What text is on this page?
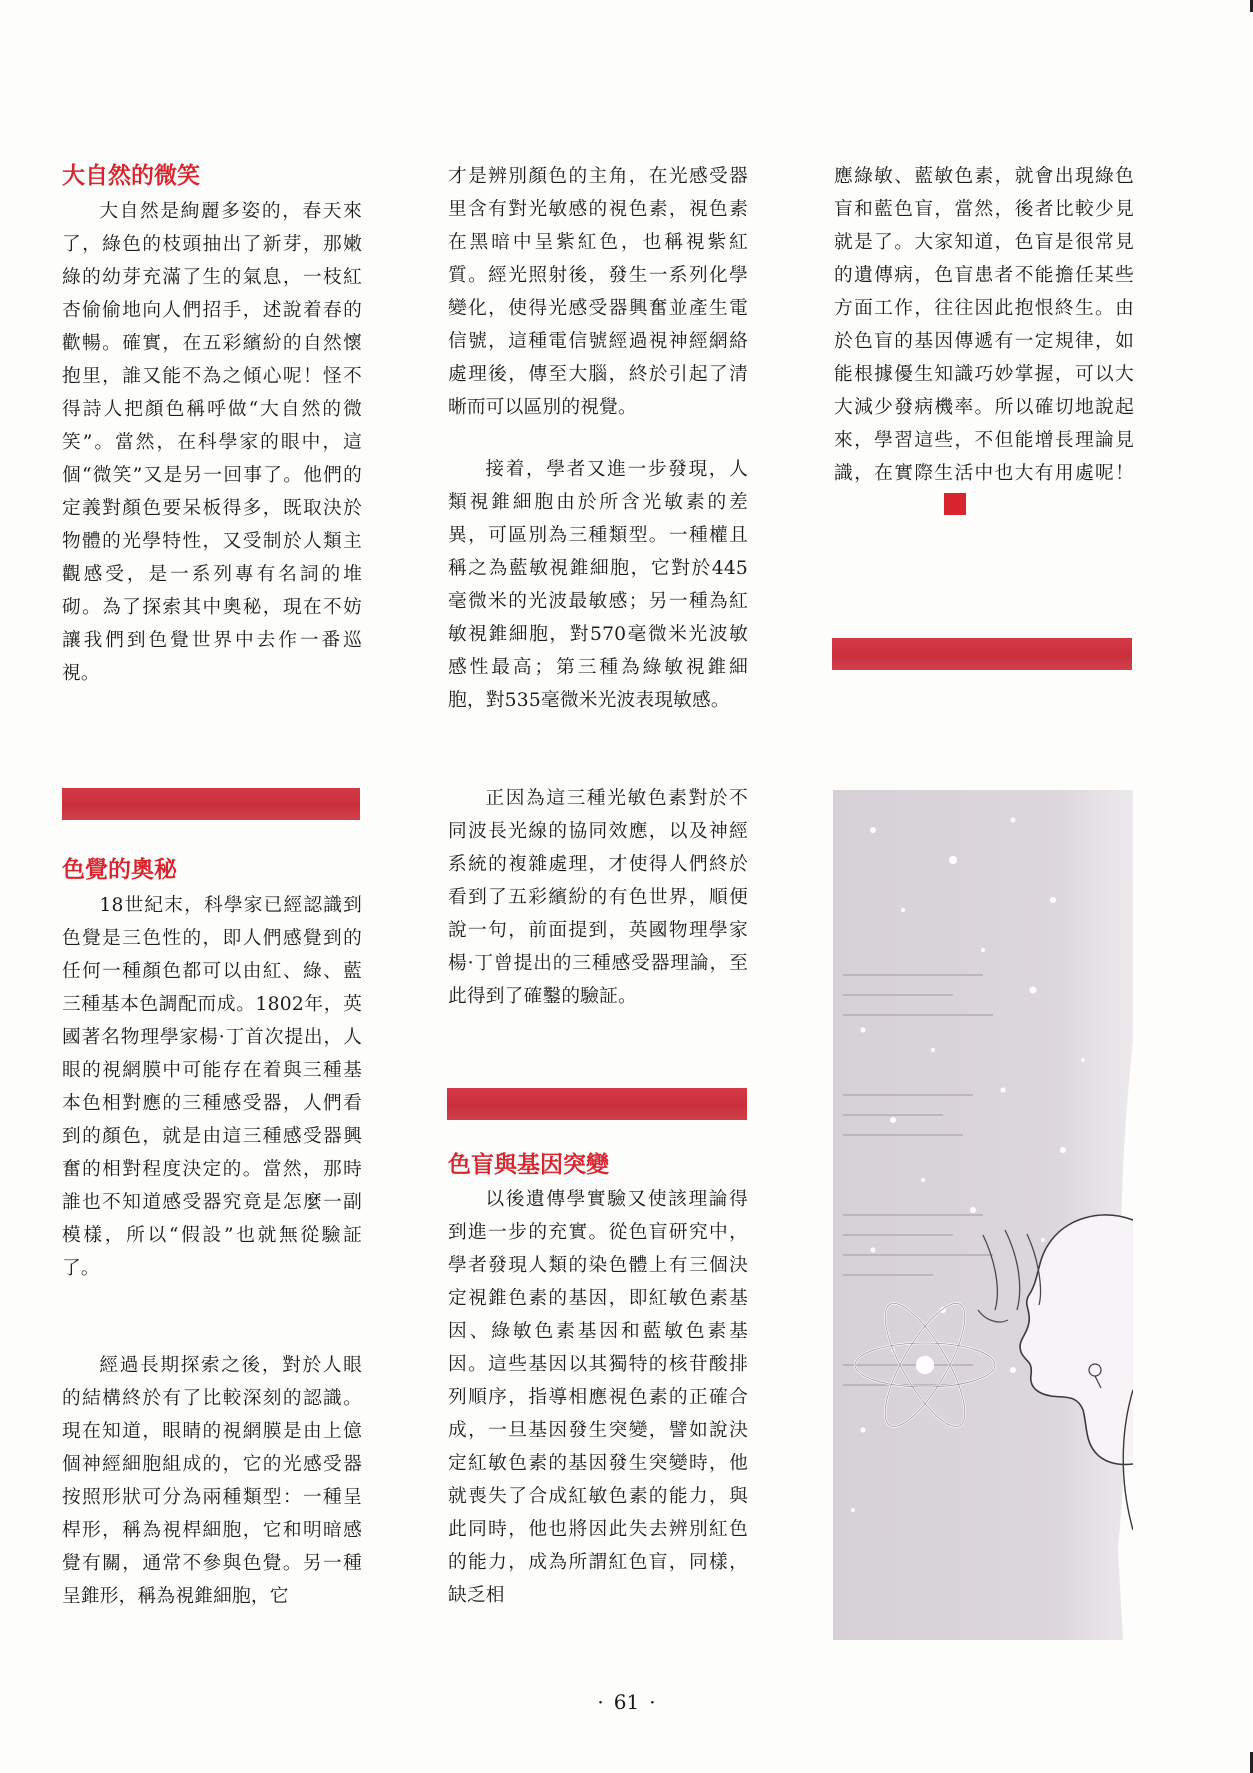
大自然的微笑

大自然是絢麗多姿的，春天來了，綠色的枝頭抽出了新芽，那嫩綠的幼芽充滿了生的氣息，一枝紅杏偷偷地向人們招手，述說着春的歡暢。確實，在五彩繽紛的自然懷抱里，誰又能不為之傾心呢！怪不得詩人把顏色稱呼做“大自然的微笑”。當然，在科學家的眼中，這個“微笑”又是另一回事了。他們的定義對顏色要呆板得多，既取決於物體的光學特性，又受制於人類主觀感受，是一系列專有名詞的堆砌。為了探索其中奧秘，現在不妨讓我們到色覺世界中去作一番巡視。

色覺的奧秘

18世紀末，科學家已經認識到色覺是三色性的，即人們感覺到的任何一種顏色都可以由紅、綠、藍三種基本色調配而成。1802年，英國著名物理學家楊·丁首次提出，人眼的視網膜中可能存在着與三種基本色相對應的三種感受器，人們看到的顏色，就是由這三種感受器興奮的相對程度決定的。當然，那時誰也不知道感受器究竟是怎麼一副模樣，所以“假設”也就無從驗証了。

經過長期探索之後，對於人眼的結構終於有了比較深刻的認識。現在知道，眼睛的視網膜是由上億個神經細胞組成的，它的光感受器按照形狀可分為兩種類型：一種呈桿形，稱為視桿細胞，它和明暗感覺有關，通常不參與色覺。另一種呈錐形，稱為視錐細胞，它

才是辨別顏色的主角，在光感受器里含有對光敏感的視色素，視色素在黑暗中呈紫紅色，也稱視紫紅質。經光照射後，發生一系列化學變化，使得光感受器興奮並產生電信號，這種電信號經過視神經網絡處理後，傳至大腦，終於引起了清晰而可以區別的視覺。

接着，學者又進一步發現，人類視錐細胞由於所含光敏素的差異，可區別為三種類型。一種權且稱之為藍敏視錐細胞，它對於445毫微米的光波最敏感；另一種為紅敏視錐細胞，對570毫微米光波敏感性最高；第三種為綠敏視錐細胞，對535毫微米光波表現敏感。

正因為這三種光敏色素對於不同波長光線的協同效應，以及神經系統的複雜處理，才使得人們終於看到了五彩繽紛的有色世界，順便說一句，前面提到，英國物理學家楊·丁曾提出的三種感受器理論，至此得到了確鑿的驗証。

色盲與基因突變

以後遺傳學實驗又使該理論得到進一步的充實。從色盲研究中，學者發現人類的染色體上有三個決定視錐色素的基因，即紅敏色素基因、綠敏色素基因和藍敏色素基因。這些基因以其獨特的核苷酸排列順序，指導相應視色素的正確合成，一旦基因發生突變，譬如說決定紅敏色素的基因發生突變時，他就喪失了合成紅敏色素的能力，與此同時，他也將因此失去辨別紅色的能力，成為所謂紅色盲，同樣，缺乏相

應綠敏、藍敏色素，就會出現綠色盲和藍色盲，當然，後者比較少見就是了。大家知道，色盲是很常見的遺傳病，色盲患者不能擔任某些方面工作，往往因此抱恨終生。由於色盲的基因傳遞有一定規律，如能根據優生知識巧妙掌握，可以大大減少發病機率。所以確切地說起來，學習這些，不但能增長理論見識，在實際生活中也大有用處呢！

· 61 ·
